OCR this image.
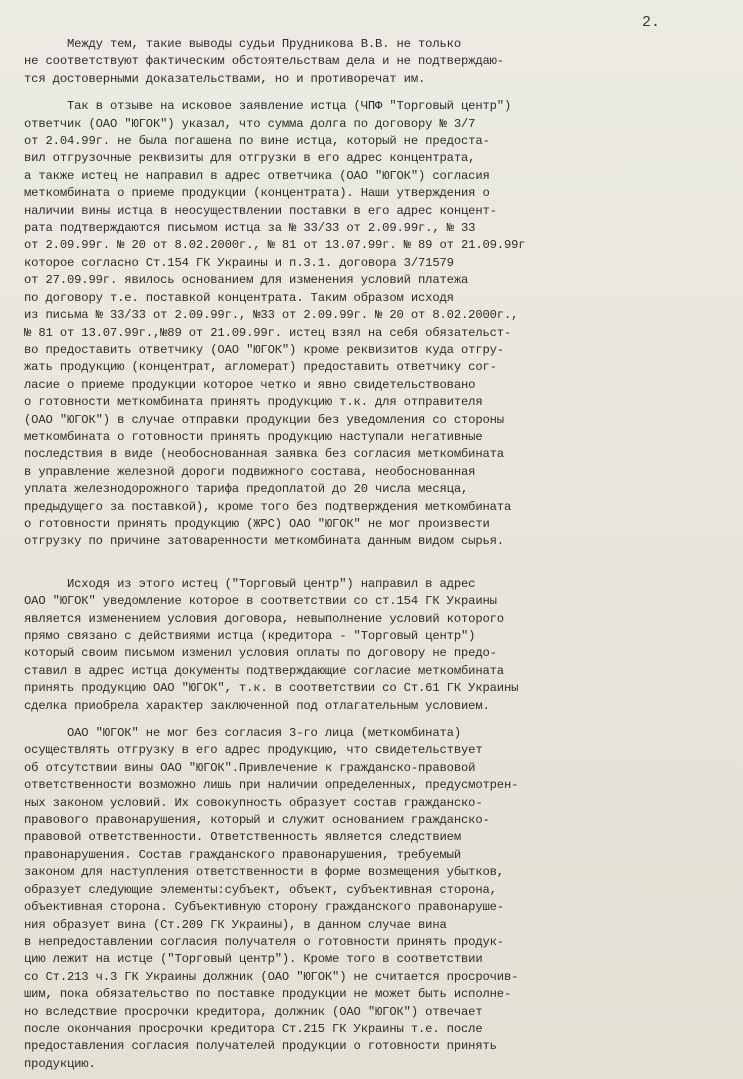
2.

Между тем, такие выводы судьи Прудникова В.В. не только
не соответствуют фактическим обстоятельствам дела и не подтверждаю-
тся достоверными доказательствами, но и противоречат им.

Так в отзыве на исковое заявление истца (ЧПФ "Торговый центр")
ответчик (ОАО "ЮГОК") указал, что сумма долга по договору № 3/7
от 2.04.99г. не была погашена по вине истца, который не предоста-
вил отгрузочные реквизиты для отгрузки в его адрес концентрата,
а также истец не направил в адрес ответчика (ОАО "ЮГОК") согласия
меткомбината о приеме продукции (концентрата). Наши утверждения о
наличии вины истца в неосуществлении поставки в его адрес концент-
рата подтверждаются письмом истца за № 33/33 от 2.09.99г., № 33
от 2.09.99г. № 20 от 8.02.2000г., № 81 от 13.07.99г. № 89 от 21.09.99г
которое согласно Ст.154 ГК Украины и п.3.1. договора 3/71579
от 27.09.99г. явилось основанием для изменения условий платежа
по договору т.е. поставкой концентрата. Таким образом исходя
из письма № 33/33 от 2.09.99г., №33 от 2.09.99г. № 20 от 8.02.2000г.,
№ 81 от 13.07.99г.,№89 от 21.09.99г. истец взял на себя обязательст-
во предоставить ответчику (ОАО "ЮГОК") кроме реквизитов куда отгру-
жать продукцию (концентрат, агломерат) предоставить ответчику сог-
ласие о приеме продукции которое четко и явно свидетельствовано
о готовности меткомбината принять продукцию т.к. для отправителя
(ОАО "ЮГОК") в случае отправки продукции без уведомления со стороны
меткомбината о готовности принять продукцию наступали негативные
последствия в виде (необоснованная заявка без согласия меткомбината
в управление железной дороги подвижного состава, необоснованная
уплата железнодорожного тарифа предоплатой до 20 числа месяца,
предыдущего за поставкой), кроме того без подтверждения меткомбината
о готовности принять продукцию (ЖРС) ОАО "ЮГОК" не мог произвести
отгрузку по причине затоваренности меткомбината данным видом сырья.

Исходя из этого истец ("Торговый центр") направил в адрес
ОАО "ЮГОК" уведомление которое в соответствии со ст.154 ГК Украины
является изменением условия договора, невыполнение условий которого
прямо связано с действиями истца (кредитора - "Торговый центр")
который своим письмом изменил условия оплаты по договору не предо-
ставил в адрес истца документы подтверждающие согласие меткомбината
принять продукцию ОАО "ЮГОК", т.к. в соответствии со Ст.61 ГК Украины
сделка приобрела характер заключенной под отлагательным условием.

ОАО "ЮГОК" не мог без согласия 3-го лица (меткомбината)
осуществлять отгрузку в его адрес продукцию, что свидетельствует
об отсутствии вины ОАО "ЮГОК".Привлечение к гражданско-правовой
ответственности возможно лишь при наличии определенных, предусмотрен-
ных законом условий. Их совокупность образует состав гражданско-
правового правонарушения, который и служит основанием гражданско-
правовой ответственности. Ответственность является следствием
правонарушения. Состав гражданского правонарушения, требуемый
законом для наступления ответственности в форме возмещения убытков,
образует следующие элементы:субъект, объект, субъективная сторона,
объективная сторона. Субъективную сторону гражданского правонаруше-
ния образует вина (Ст.209 ГК Украины), в данном случае вина
в непредоставлении согласия получателя о готовности принять продук-
цию лежит на истце ("Торговый центр"). Кроме того в соответствии
со Ст.213 ч.3 ГК Украины должник (ОАО "ЮГОК") не считается просрочив-
шим, пока обязательство по поставке продукции не может быть исполне-
но вследствие просрочки кредитора, должник (ОАО "ЮГОК") отвечает
после окончания просрочки кредитора Ст.215 ГК Украины т.е. после
предоставления согласия получателей продукции о готовности принять
продукцию.
